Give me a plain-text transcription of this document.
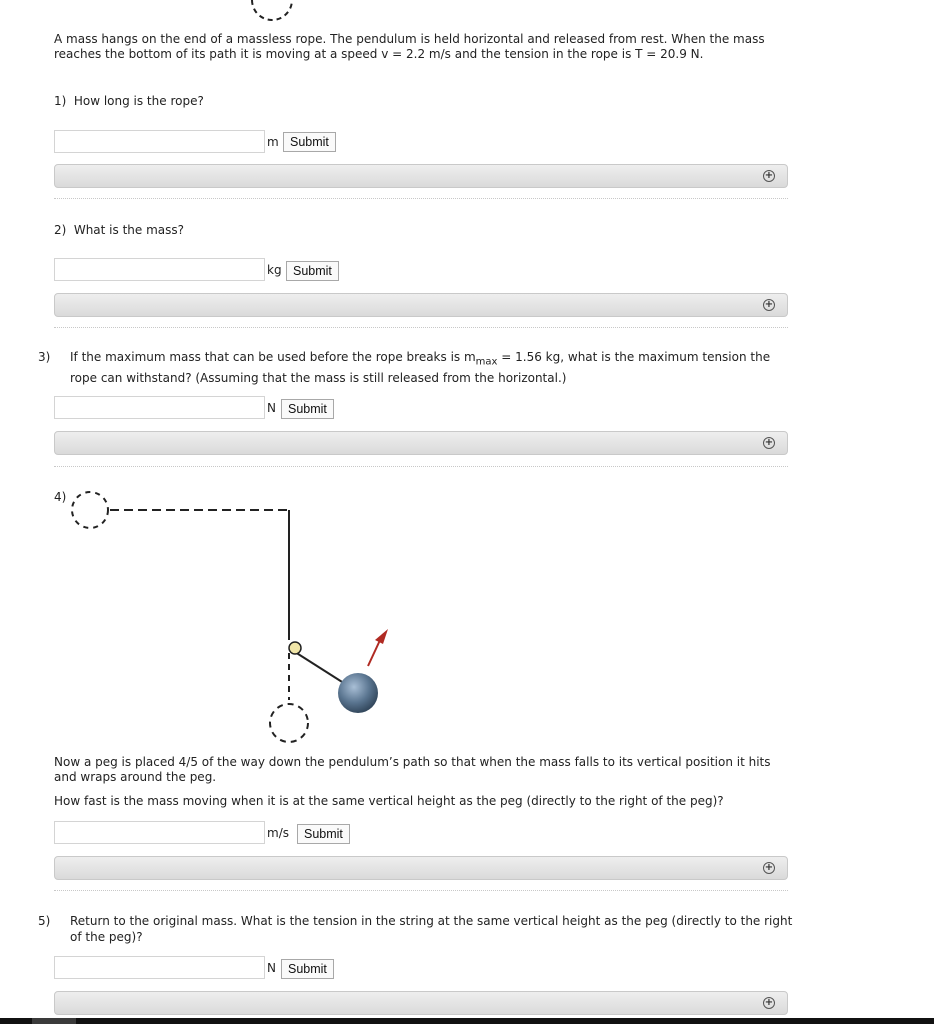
A mass hangs on the end of a massless rope. The pendulum is held horizontal and released from rest. When the mass reaches the bottom of its path it is moving at a speed v = 2.2 m/s and the tension in the rope is T = 20.9 N.
1) How long is the rope?
m Submit
+
2) What is the mass?
kg Submit
+
3) If the maximum mass that can be used before the rope breaks is $m_{max} = 1.56$ kg, what is the maximum tension the rope can withstand? (Assuming that the mass is still released from the horizontal.)
N Submit
+
4)
Now a peg is placed 4/5 of the way down the pendulum’s path so that when the mass falls to its vertical position it hits and wraps around the peg.
How fast is the mass moving when it is at the same vertical height as the peg (directly to the right of the peg)?
m/s	Submit
+
5) Return to the original mass. What is the tension in the string at the same vertical height as the peg (directly to the right of the peg)?
N Submit
+
